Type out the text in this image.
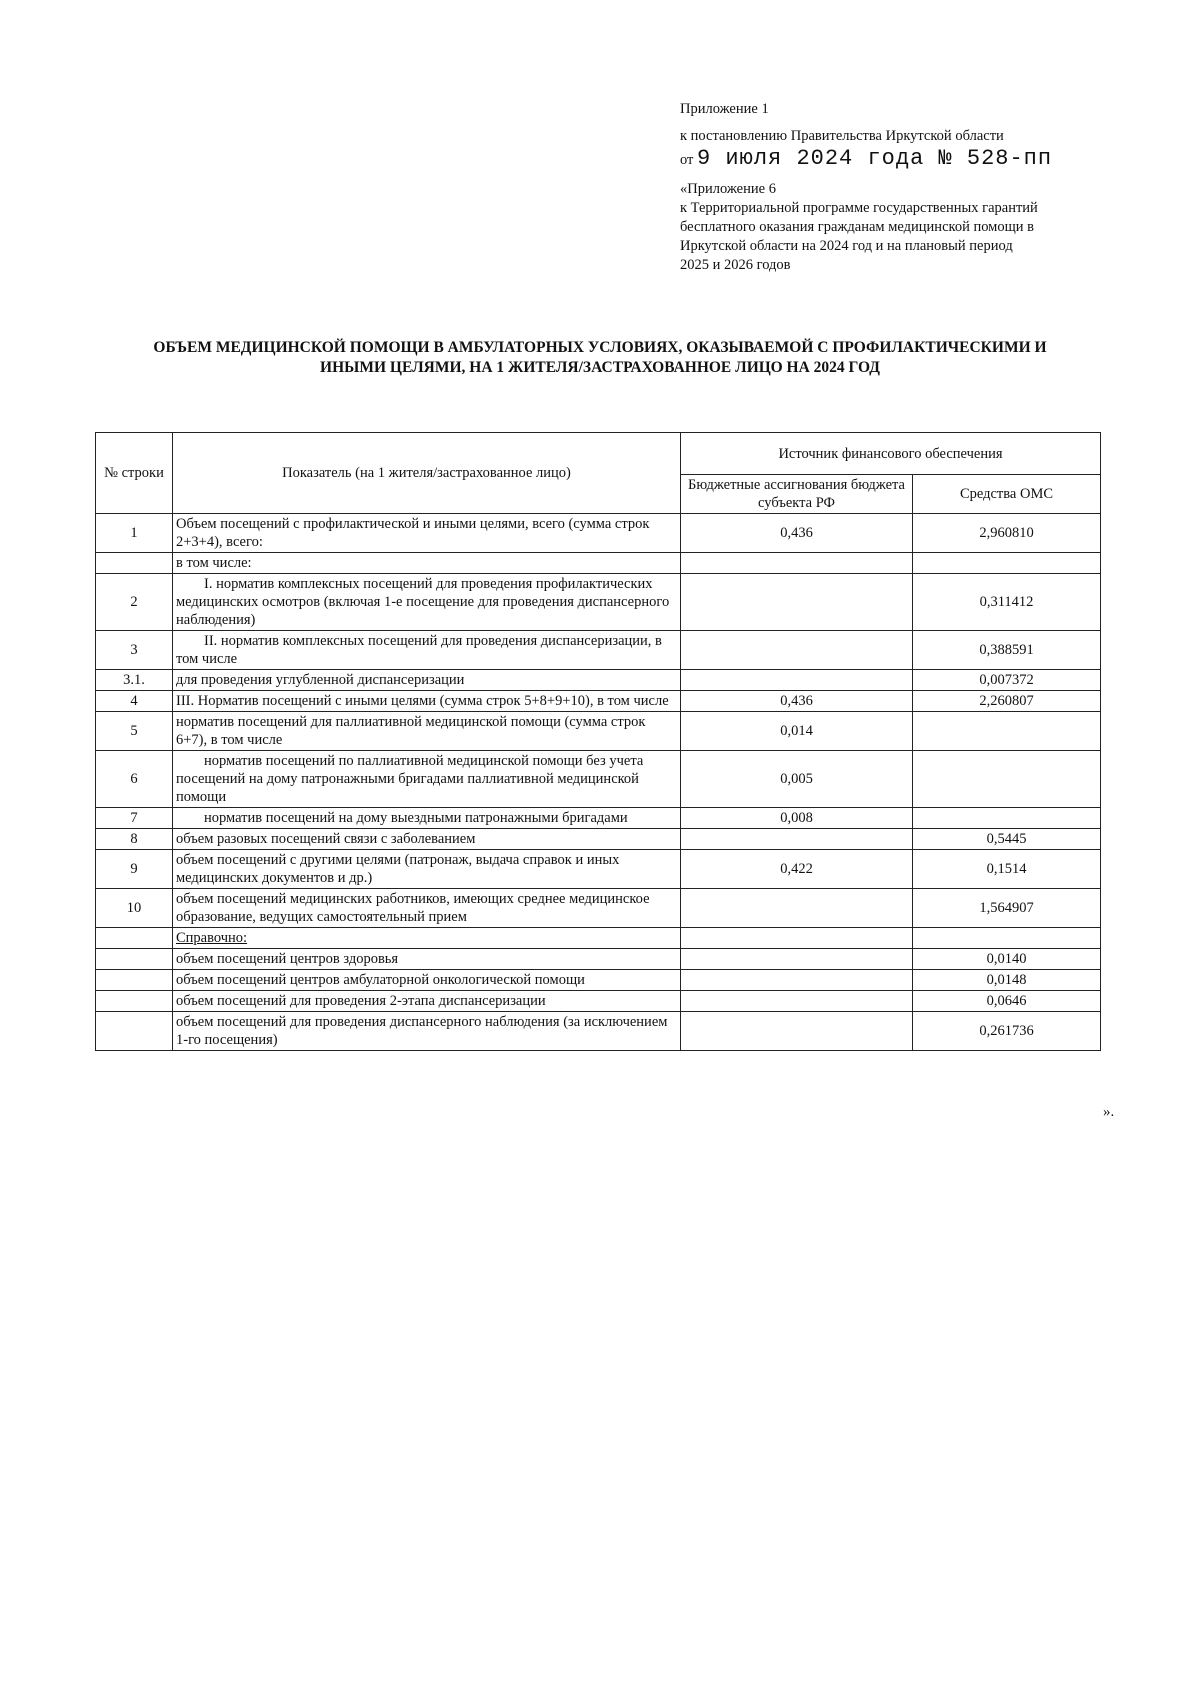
Приложение 1
к постановлению Правительства Иркутской области
от 9 июля 2024 года № 528-пп
«Приложение 6
к Территориальной программе государственных гарантий
бесплатного оказания гражданам медицинской помощи в
Иркутской области на 2024 год и на плановый период
2025 и 2026 годов
ОБЪЕМ МЕДИЦИНСКОЙ ПОМОЩИ В АМБУЛАТОРНЫХ УСЛОВИЯХ, ОКАЗЫВАЕМОЙ С ПРОФИЛАКТИЧЕСКИМИ И
ИНЫМИ ЦЕЛЯМИ, НА 1 ЖИТЕЛЯ/ЗАСТРАХОВАННОЕ ЛИЦО НА 2024 ГОД
№ строки	Показатель (на 1 жителя/застрахованное лицо)	Источник финансового обеспечения	
		Бюджетные ассигнования бюджета субъекта РФ	Средства ОМС
1	Объем посещений с профилактической и иными целями, всего (сумма строк 2+3+4), всего:	0,436	2,960810
	в том числе:		
2	I. норматив комплексных посещений для проведения профилактических медицинских осмотров (включая 1-е посещение для проведения диспансерного наблюдения)		0,311412
3	II. норматив комплексных посещений для проведения диспансеризации, в том числе		0,388591
3.1.	для проведения углубленной диспансеризации		0,007372
4	III. Норматив посещений с иными целями (сумма строк 5+8+9+10), в том числе	0,436	2,260807
5	норматив посещений для паллиативной медицинской помощи (сумма строк 6+7), в том числе	0,014	
6	норматив посещений по паллиативной медицинской помощи без учета посещений на дому патронажными бригадами паллиативной медицинской помощи	0,005	
7	норматив посещений на дому выездными патронажными бригадами	0,008	
8	объем разовых посещений связи с заболеванием		0,5445
9	объем посещений с другими целями (патронаж, выдача справок и иных медицинских документов и др.)	0,422	0,1514
10	объем посещений медицинских работников, имеющих среднее медицинское образование, ведущих самостоятельный прием		1,564907
	Справочно:		
	объем посещений центров здоровья		0,0140
	объем посещений центров амбулаторной онкологической помощи		0,0148
	объем посещений для проведения 2-этапа диспансеризации		0,0646
	объем посещений для проведения диспансерного наблюдения (за исключением 1-го посещения)		0,261736
».
